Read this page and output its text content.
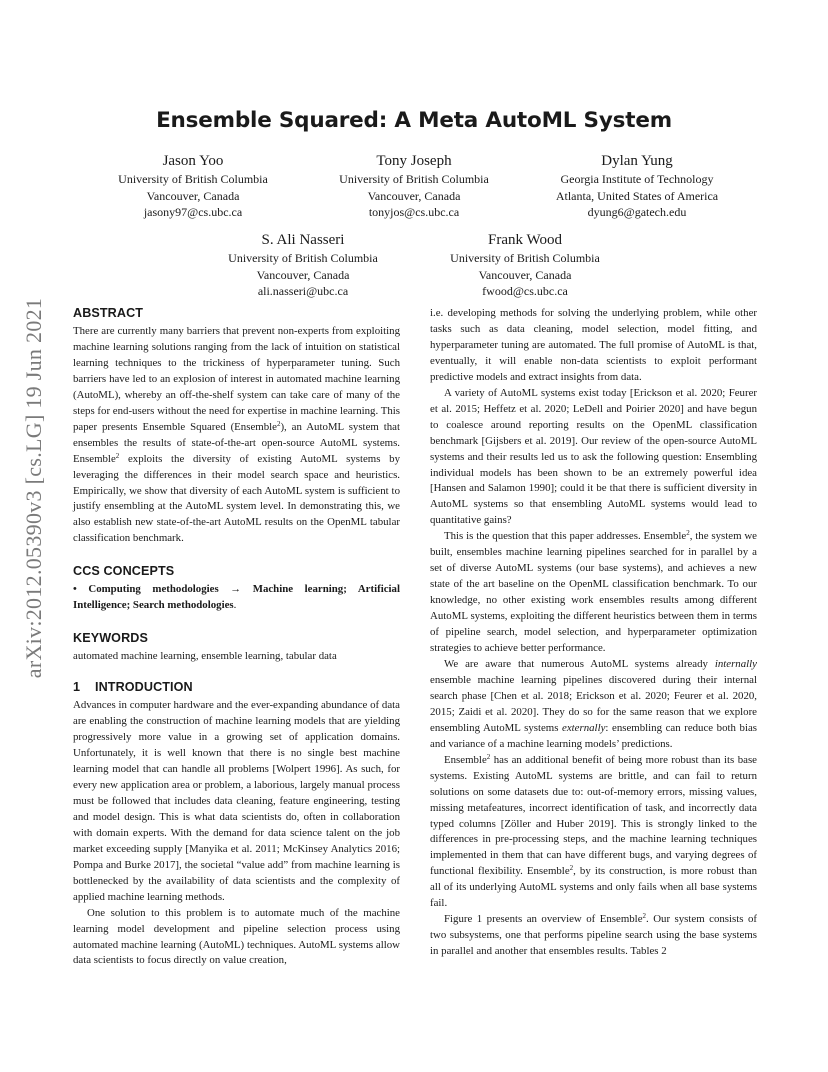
Ensemble Squared: A Meta AutoML System
Jason Yoo
University of British Columbia
Vancouver, Canada
jasony97@cs.ubc.ca
Tony Joseph
University of British Columbia
Vancouver, Canada
tonyjos@cs.ubc.ca
Dylan Yung
Georgia Institute of Technology
Atlanta, United States of America
dyung6@gatech.edu
S. Ali Nasseri
University of British Columbia
Vancouver, Canada
ali.nasseri@ubc.ca
Frank Wood
University of British Columbia
Vancouver, Canada
fwood@cs.ubc.ca
arXiv:2012.05390v3 [cs.LG] 19 Jun 2021 ABSTRACT

There are currently many barriers that prevent non-experts from exploiting machine learning solutions ranging from the lack of intuition on statistical learning techniques to the trickiness of hyperparameter tuning. Such barriers have led to an explosion of interest in automated machine learning (AutoML), whereby an off-the-shelf system can take care of many of the steps for end-users without the need for expertise in machine learning. This paper presents Ensemble Squared (Ensemble$^2$), an AutoML system that ensembles the results of state-of-the-art open-source AutoML systems. Ensemble$^2$ exploits the diversity of existing AutoML systems by leveraging the differences in their model search space and heuristics. Empirically, we show that diversity of each AutoML system is sufficient to justify ensembling at the AutoML system level. In demonstrating this, we also establish new state-of-the-art AutoML results on the OpenML tabular classification benchmark.

CCS CONCEPTS

• Computing methodologies → Machine learning; Artificial Intelligence; Search methodologies.

KEYWORDS

automated machine learning, ensemble learning, tabular data

1 INTRODUCTION

Advances in computer hardware and the ever-expanding abundance of data are enabling the construction of machine learning models that are yielding progressively more value in a growing set of application domains. Unfortunately, it is well known that there is no single best machine learning model that can handle all problems [Wolpert 1996]. As such, for every new application area or problem, a laborious, largely manual process must be followed that includes data cleaning, feature engineering, testing and model design. This is what data scientists do, often in collaboration with domain experts. With the demand for data science talent on the job market exceeding supply [Manyika et al. 2011; McKinsey Analytics 2016; Pompa and Burke 2017], the societal “value add” from machine learning is bottlenecked by the availability of data scientists and the complexity of applied machine learning methods.

One solution to this problem is to automate much of the machine learning model development and pipeline selection process using automated machine learning (AutoML) techniques. AutoML systems allow data scientists to focus directly on value creation,

i.e. developing methods for solving the underlying problem, while other tasks such as data cleaning, model selection, model fitting, and hyperparameter tuning are automated. The full promise of AutoML is that, eventually, it will enable non-data scientists to exploit performant predictive models and extract insights from data.

A variety of AutoML systems exist today [Erickson et al. 2020; Feurer et al. 2015; Heffetz et al. 2020; LeDell and Poirier 2020] and have begun to coalesce around reporting results on the OpenML classification benchmark [Gijsbers et al. 2019]. Our review of the open-source AutoML systems and their results led us to ask the following question: Ensembling individual models has been shown to be an extremely powerful idea [Hansen and Salamon 1990]; could it be that there is sufficient diversity in AutoML systems so that ensembling AutoML systems would lead to quantitative gains?

This is the question that this paper addresses. Ensemble$^2$, the system we built, ensembles machine learning pipelines searched for in parallel by a set of diverse AutoML systems (our base systems), and achieves a new state of the art baseline on the OpenML classification benchmark. To our knowledge, no other existing work ensembles results among different AutoML systems, exploiting the different heuristics between them in terms of pipeline search, model selection, and hyperparameter optimization strategies to achieve better performance.

We are aware that numerous AutoML systems already internally ensemble machine learning pipelines discovered during their internal search phase [Chen et al. 2018; Erickson et al. 2020; Feurer et al. 2020, 2015; Zaidi et al. 2020]. They do so for the same reason that we explore ensembling AutoML systems externally: ensembling can reduce both bias and variance of a machine learning models’ predictions.

Ensemble$^2$ has an additional benefit of being more robust than its base systems. Existing AutoML systems are brittle, and can fail to return solutions on some datasets due to: out-of-memory errors, missing values, missing metafeatures, incorrect identification of task, and incorrectly data typed columns [Zöller and Huber 2019]. This is strongly linked to the differences in pre-processing steps, and the machine learning techniques implemented in them that can have different bugs, and varying degrees of functional flexibility. Ensemble$^2$, by its construction, is more robust than all of its underlying AutoML systems and only fails when all base systems fail.

Figure 1 presents an overview of Ensemble$^2$. Our system consists of two subsystems, one that performs pipeline search using the base systems in parallel and another that ensembles results. Tables 2
